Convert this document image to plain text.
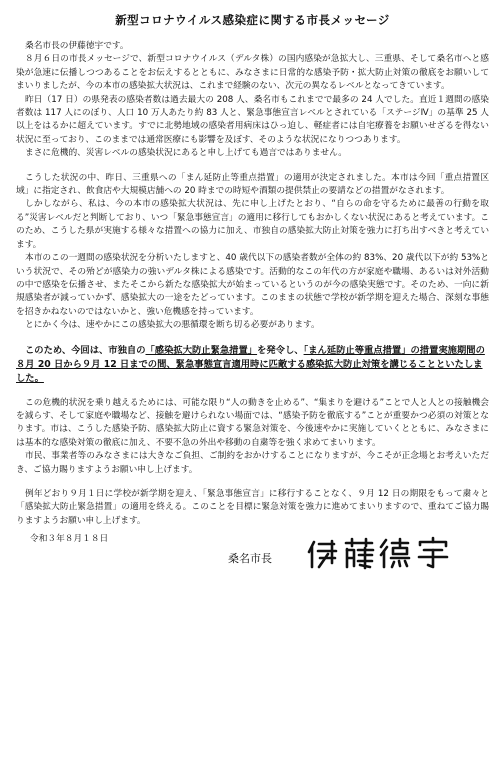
新型コロナウイルス感染症に関する市長メッセージ

桑名市長の伊藤徳宇です。

８月６日の市長メッセージで、新型コロナウイルス（デルタ株）の国内感染が急拡大し、三重県、そして桑名市へと感染が急速に伝播しつつあることをお伝えするとともに、みなさまに日常的な感染予防・拡大防止対策の徹底をお願いしてまいりましたが、今の本市の感染拡大状況は、これまで経験のない、次元の異なるレベルとなってきています。

昨日（17 日）の県発表の感染者数は過去最大の 208 人、桑名市もこれまでで最多の 24 人でした。直近１週間の感染者数は 117 人にのぼり、人口 10 万人あたり約 83 人と、緊急事態宣言レベルとされている「ステージⅣ」の基準 25 人以上をはるかに超えています。すでに北勢地域の感染者用病床はひっ迫し、軽症者には自宅療養をお願いせざるを得ない状況に至っており、このままでは通常医療にも影響を及ぼす、そのような状況になりつつあります。

まさに危機的、災害レベルの感染状況にあると申し上げても過言ではありません。

こうした状況の中、昨日、三重県への「まん延防止等重点措置」の適用が決定されました。本市は今回「重点措置区域」に指定され、飲食店や大規模店舗への 20 時までの時短や酒類の提供禁止の要請などの措置がなされます。

しかしながら、私は、今の本市の感染拡大状況は、先に申し上げたとおり、“自らの命を守るために最善の行動を取る”災害レベルだと判断しており、いつ「緊急事態宣言」の適用に移行してもおかしくない状況にあると考えています。このため、こうした県が実施する様々な措置への協力に加え、市独自の感染拡大防止対策を強力に打ち出すべきと考えています。

本市のこの一週間の感染状況を分析いたしますと、40 歳代以下の感染者数が全体の約 83%、20 歳代以下が約 53%という状況で、その殆どが感染力の強いデルタ株による感染です。活動的なこの年代の方が家庭や職場、あるいは対外活動の中で感染を伝播させ、またそこから新たな感染拡大が始まっているというのが今の感染実態です。そのため、一向に新規感染者が減っていかず、感染拡大の一途をたどっています。このままの状態で学校が新学期を迎えた場合、深刻な事態を招きかねないのではないかと、強い危機感を持っています。

とにかく今は、速やかにこの感染拡大の悪循環を断ち切る必要があります。

このため、今回は、市独自の「感染拡大防止緊急措置」を発令し、「まん延防止等重点措置」の措置実施期間の８月 20 日から９月 12 日までの間、緊急事態宣言適用時に匹敵する感染拡大防止対策を講じることといたしました。

この危機的状況を乗り越えるためには、可能な限り“人の動きを止める”、“集まりを避ける”ことで人と人との接触機会を減らす、そして家庭や職場など、接触を避けられない場面では、“感染予防を徹底する”ことが重要かつ必須の対策となります。市は、こうした感染予防、感染拡大防止に資する緊急対策を、今後速やかに実施していくとともに、みなさまには基本的な感染対策の徹底に加え、不要不急の外出や移動の自粛等を強く求めてまいります。

市民、事業者等のみなさまには大きなご負担、ご制約をおかけすることになりますが、今こそが正念場とお考えいただき、ご協力賜りますようお願い申し上げます。

例年どおり９月１日に学校が新学期を迎え、「緊急事態宣言」に移行することなく、９月 12 日の期限をもって粛々と「感染拡大防止緊急措置」の適用を終える。このことを目標に緊急対策を強力に進めてまいりますので、重ねてご協力賜りますようお願い申し上げます。

令和３年８月１８日
桑名市長
